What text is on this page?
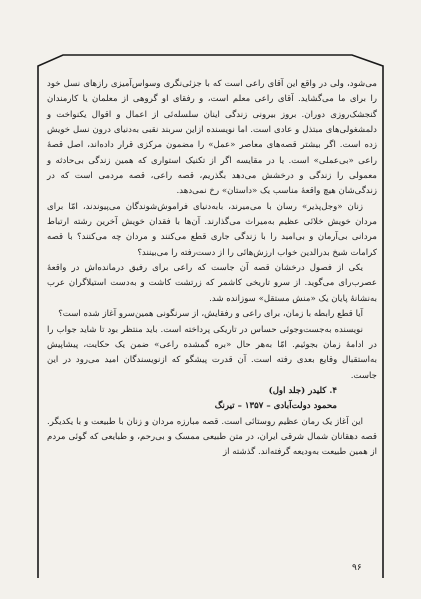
می‌شود، ولی در واقع این آقای راعی است که با جزئی‌نگری وسواس‌آمیزی رازهای نسل خود را برای ما می‌گشاید. آقای راعی معلم است، و رفقای او گروهی از معلمان یا کارمندان گنجشک‌روزی دوران. بروز بیرونی زندگی اینان سلسله‌ئی از اعمال و اقوال یکنواخت و دلمشغولی‌های مبتذل و عادی است. اما نویسنده ازاین سربند نقبی به‌دنیای درون نسل خویش زده است. اگر بیشتر قصه‌های معاصر «عمل» را مضمون مرکزی قرار داده‌اند، اصل قصهٔ راعی «بی‌عملی» است. یا در مقایسه اگر از تکنیک استواری که همین زندگی بی‌حادثه و معمولی را زندگی و درخشش می‌دهد بگذریم، قصه راعی، قصه مردمی است که در زندگی‌شان هیچ واقعهٔ مناسب یک «داستان» رخ نمی‌دهد.

زنان «وجل‌پذیر» رسان با می‌میرند، با‌به‌دنیای فراموش‌شوندگان می‌پیوندند، امّا برای مردان خویش خلائی عظیم به‌میراث می‌گذارند. آن‌ها با فقدان خویش آخرین رشته ارتباط مردانی بی‌آرمان و بی‌امید را با زندگی جاری قطع می‌کنند و مردان چه می‌کنند؟ با قصه کرامات شیخ بدرالدین خواب ارزش‌هائی را از دست‌رفته را می‌بینند؟

یکی از فصول درخشان قصه آن جاست که راعی برای رفیق درمانده‌اش در واقعهٔ عصرب‌رای می‌گوید. از سرو تاریخی کاشمر که زرتشت کاشت و به‌دست استیلاگران عرب به‌نشانهٔ پایان یک «منش مستقل» سوزانده شد.

آیا قطع رابطه با زمان، برای راعی و رفقایش، از سرنگونی همین‌سرو آغاز شده است؟

نویسنده به‌جست‌وجوئی حساس در تاریکی پرداخته است. باید منتظر بود تا شاید جواب را در ادامهٔ زمان بجوئیم. امّا به‌هر حال «بره گمشده راعی» ضمن یک حکایت، پیشاپیش به‌استقبال وقایع بعدی رفته است. آن قدرت پیشگو که ازنویسندگان امید می‌رود در این جاست.

۴. کلیدر (جلد اول)

محمود دولت‌آبادی – ۱۳۵۷ – تیرنگ

این آغاز یک رمان عظیم روستائی است. قصه مبارزه مردان و زنان با طبیعت و با یکدیگر. قصه دهقانان شمال شرقی ایران، در متن طبیعی ممسک و بی‌رحم، و طبایعی که گوئی مردم از همین طبیعت به‌ودیعه گرفته‌اند. گذشته از

۹۶
